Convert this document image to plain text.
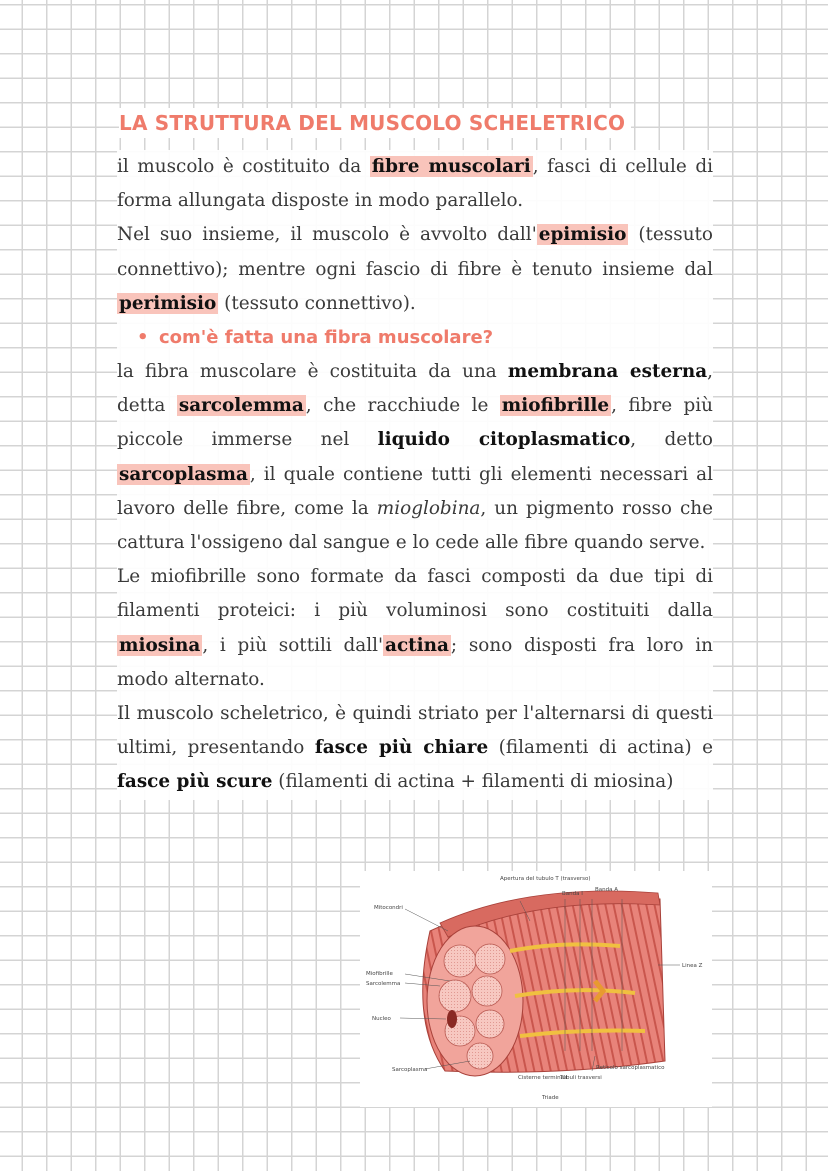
LA STRUTTURA DEL MUSCOLO SCHELETRICO

il muscolo è costituito da fibre muscolari , fasci di cellule di forma allungata disposte in modo parallelo.

Nel suo insieme, il muscolo è avvolto dall' epimisio (tessuto connettivo); mentre ogni fascio di fibre è tenuto insieme dal perimisio (tessuto connettivo).

• com'è fatta una fibra muscolare?

la fibra muscolare è costituita da una membrana esterna, detta sarcolemma , che racchiude le miofibrille , fibre più piccole immerse nel liquido citoplasmatico, detto sarcoplasma , il quale contiene tutti gli elementi necessari al lavoro delle fibre, come la mioglobina, un pigmento rosso che cattura l'ossigeno dal sangue e lo cede alle fibre quando serve.

Le miofibrille sono formate da fasci composti da due tipi di filamenti proteici: i più voluminosi sono costituiti dalla miosina , i più sottili dall' actina ; sono disposti fra loro in modo alternato.

Il muscolo scheletrico, è quindi striato per l'alternarsi di questi ultimi, presentando fasce più chiare (filamenti di actina) e fasce più scure (filamenti di actina + filamenti di miosina)

Apertura del tubulo T (trasverso)
Banda I
Banda A
Mitocondri
Linea Z
Miofibrille
Sarcolemma
Nucleo
Sarcoplasma
Cisterne terminali
Tubuli trasversi
Reticolo sarcoplasmatico
Triade
